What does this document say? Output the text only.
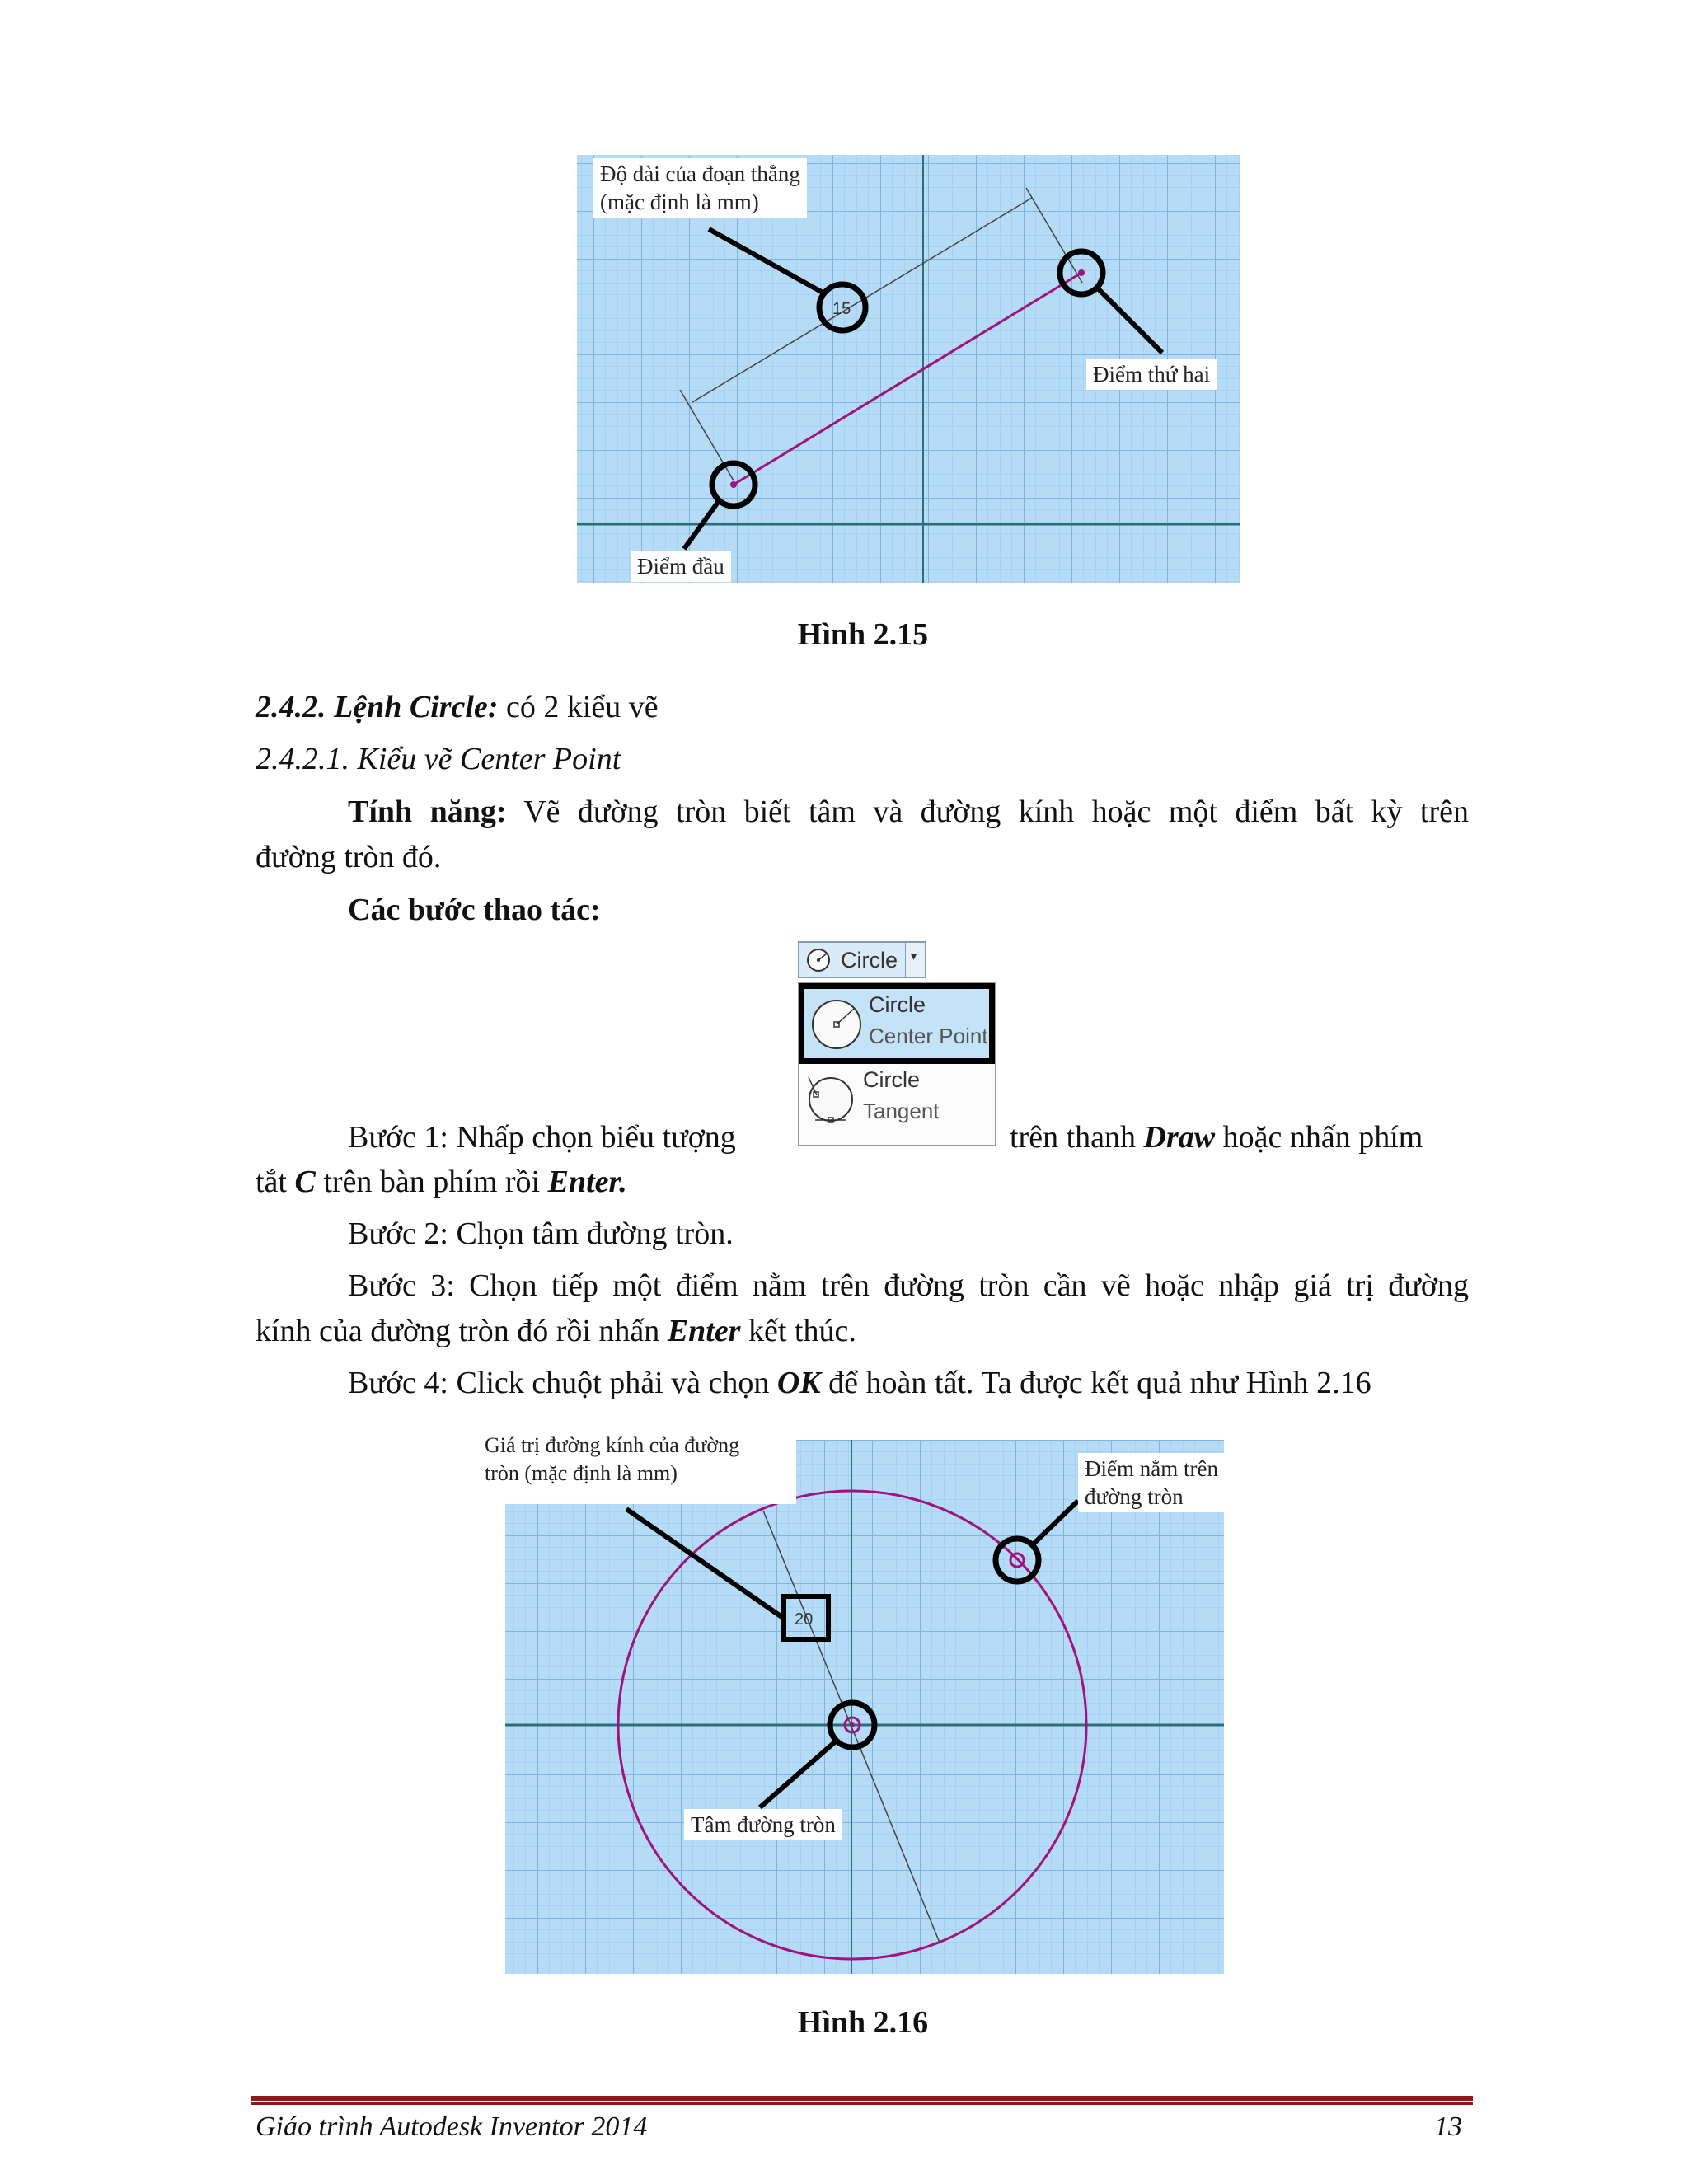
15
Độ dài của đoạn thẳng
(mặc định là mm)
Điểm thứ hai
Điểm đầu
Hình 2.15
2.4.2. Lệnh Circle: có 2 kiểu vẽ
2.4.2.1. Kiểu vẽ Center Point
Tính năng: Vẽ đường tròn biết tâm và đường kính hoặc một điểm bất kỳ trên
đường tròn đó.
Các bước thao tác:
Circle ▾
Circle
Center Point
Circle
Tangent
Bước 1: Nhấp chọn biểu tượng	trên thanh Draw hoặc nhấn phím
tắt C trên bàn phím rồi Enter.
Bước 2: Chọn tâm đường tròn.
Bước 3: Chọn tiếp một điểm nằm trên đường tròn cần vẽ hoặc nhập giá trị đường
kính của đường tròn đó rồi nhấn Enter kết thúc.
Bước 4: Click chuột phải và chọn OK để hoàn tất. Ta được kết quả như Hình 2.16
20
Giá trị đường kính của đường
tròn (mặc định là mm)	Điểm nằm trên
đường tròn
Tâm đường tròn
Hình 2.16
Giáo trình Autodesk Inventor 2014	13
